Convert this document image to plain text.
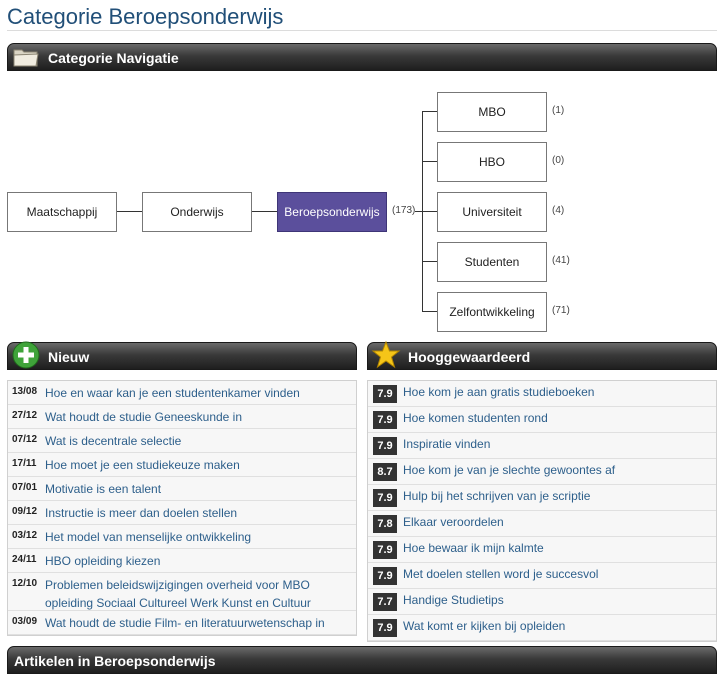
Categorie Beroepsonderwijs
Categorie Navigatie
Maatschappij	Onderwijs	Beroepsonderwijs	(173)
MBO	(1)
HBO	(0)
Universiteit	(4)
Studenten	(41)
Zelfontwikkeling	(71)
Nieuw	Hooggewaardeerd
13/08 Hoe en waar kan je een studentenkamer vinden
27/12 Wat houdt de studie Geneeskunde in
07/12 Wat is decentrale selectie
17/11 Hoe moet je een studiekeuze maken
07/01 Motivatie is een talent
09/12 Instructie is meer dan doelen stellen
03/12 Het model van menselijke ontwikkeling
24/11 HBO opleiding kiezen
12/10 Problemen beleidswijzigingen overheid voor MBO opleiding Sociaal Cultureel Werk Kunst en Cultuur
03/09 Wat houdt de studie Film- en literatuurwetenschap in
7.9 Hoe kom je aan gratis studieboeken
7.9 Hoe komen studenten rond
7.9 Inspiratie vinden
8.7 Hoe kom je van je slechte gewoontes af
7.9 Hulp bij het schrijven van je scriptie
7.8 Elkaar veroordelen
7.9 Hoe bewaar ik mijn kalmte
7.9 Met doelen stellen word je succesvol
7.7 Handige Studietips
7.9 Wat komt er kijken bij opleiden
Artikelen in Beroepsonderwijs
